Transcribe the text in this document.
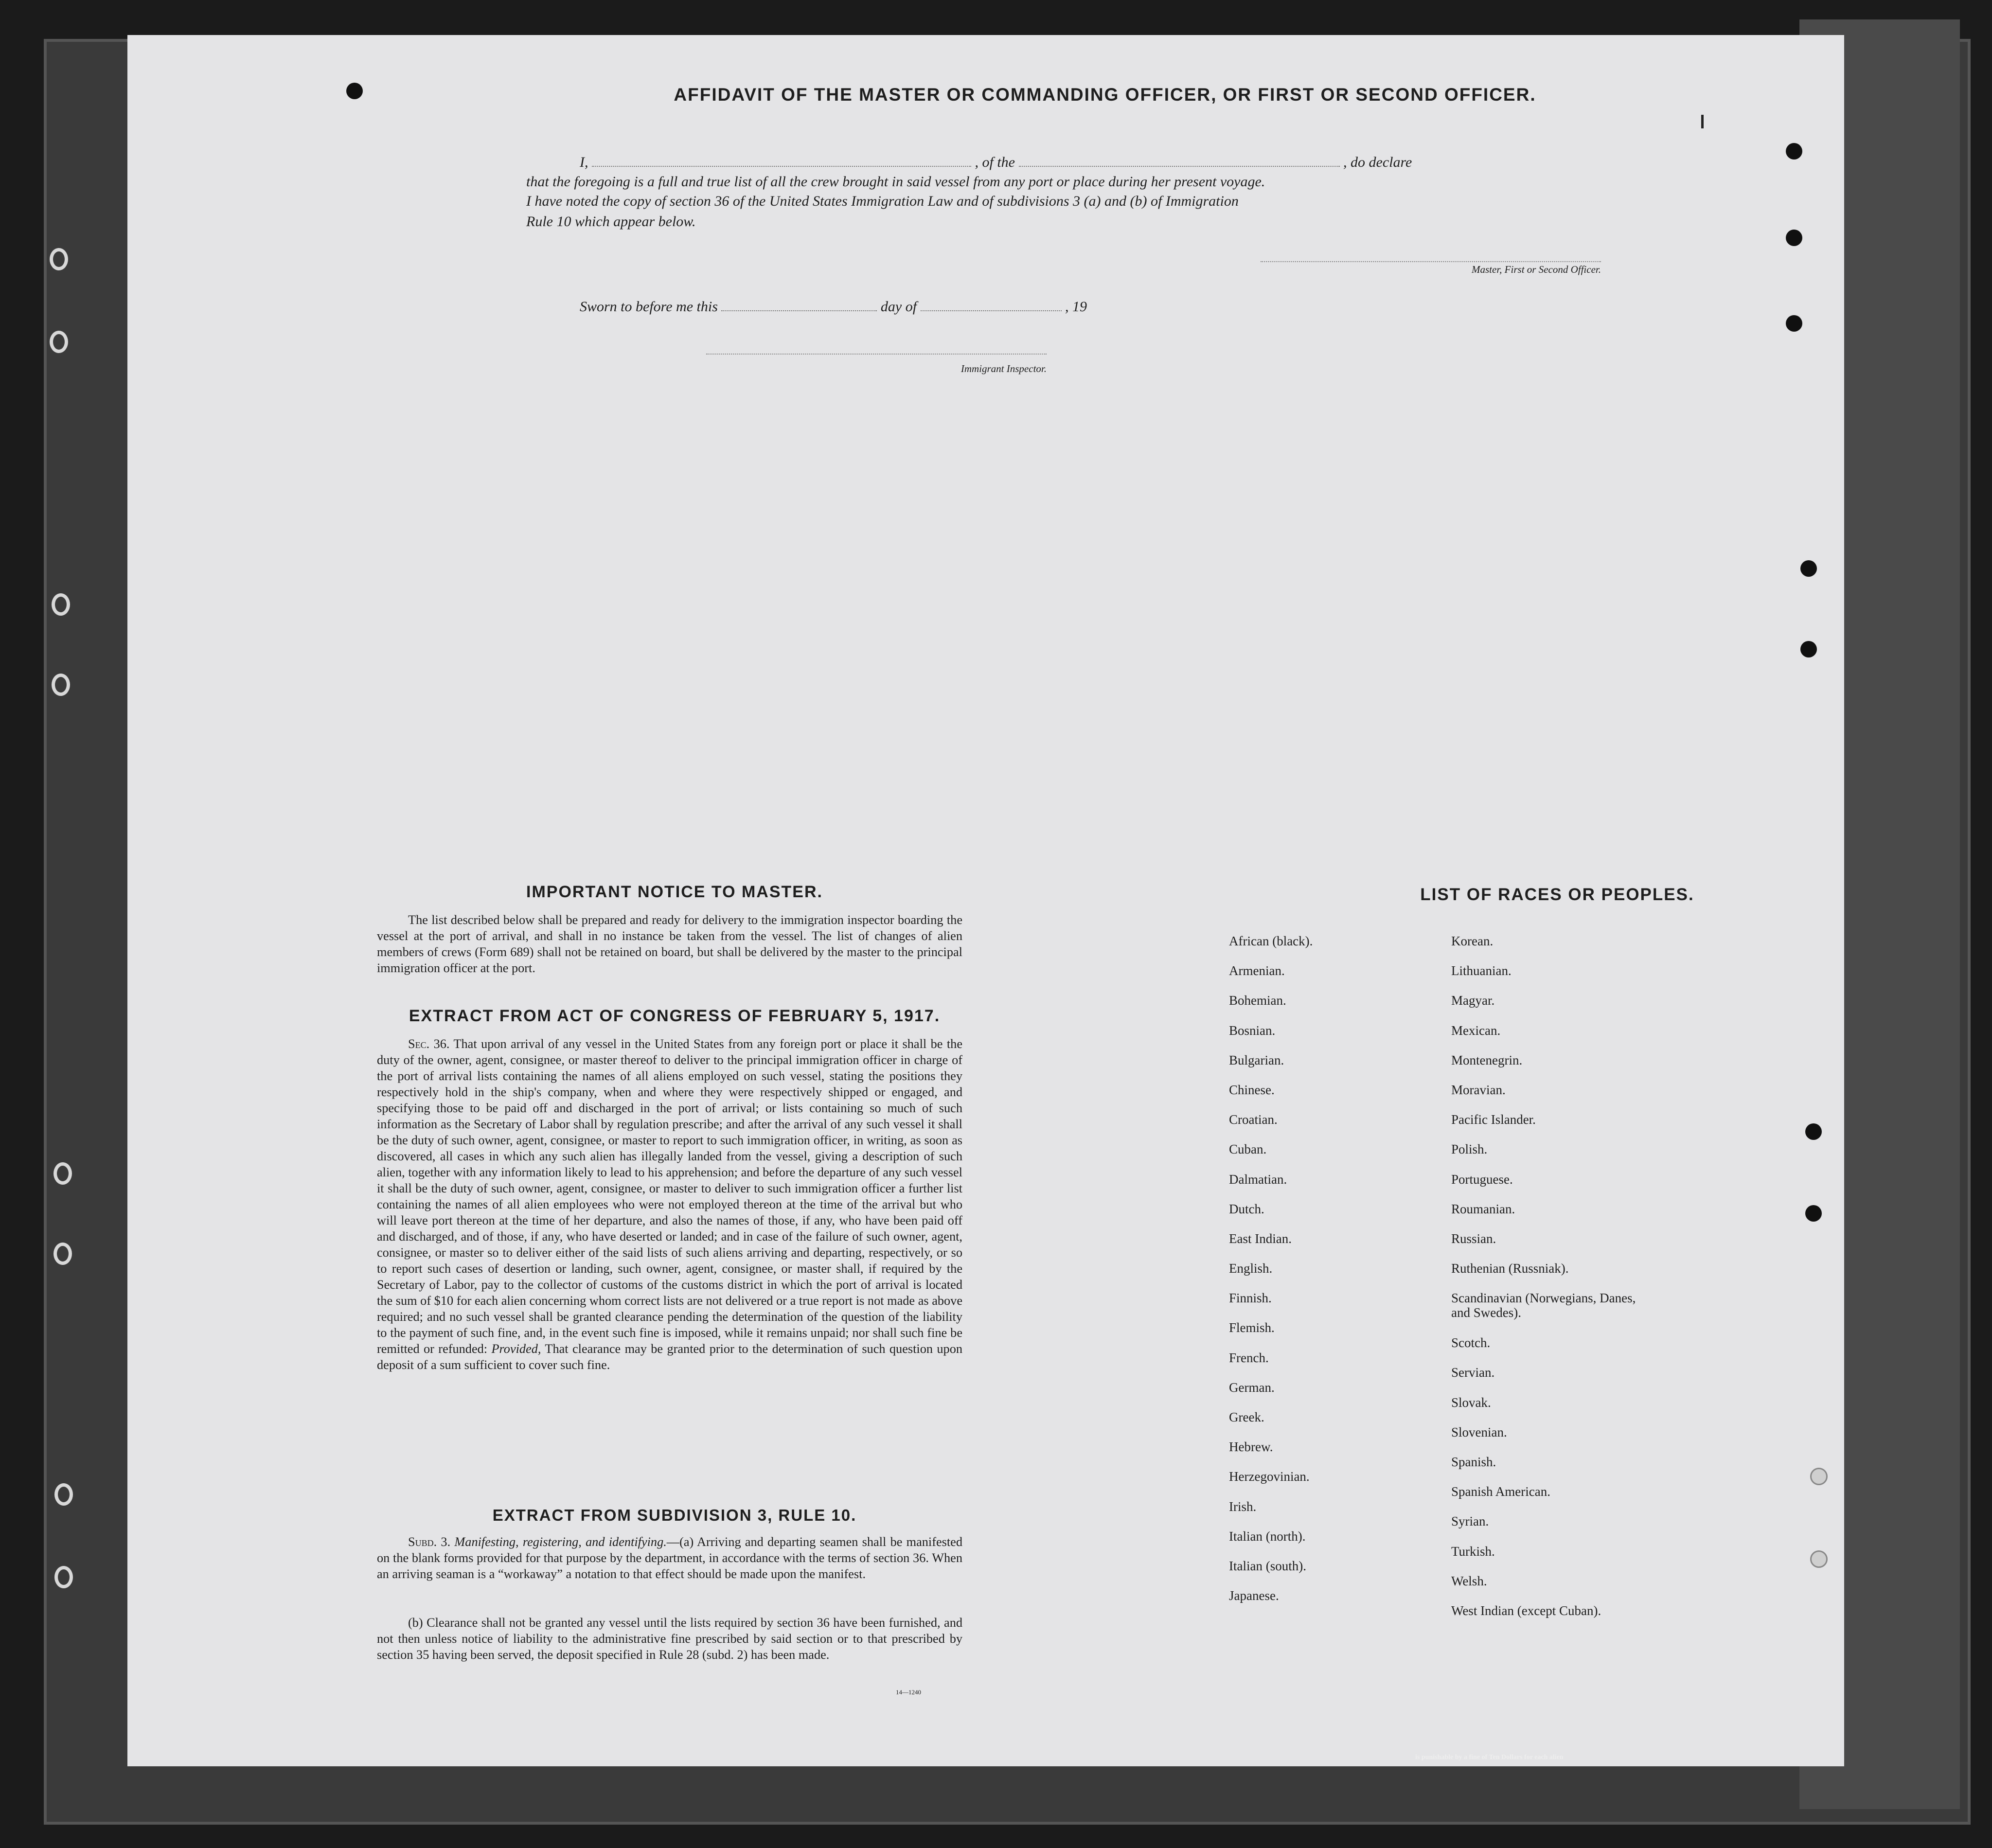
AFFIDAVIT OF THE MASTER OR COMMANDING OFFICER, OR FIRST OR SECOND OFFICER.
I,	, of the	, do declare
that the foregoing is a full and true list of all the crew brought in said vessel from any port or place during her present voyage.
I have noted the copy of section 36 of the United States Immigration Law and of subdivisions 3 (a) and (b) of Immigration
Rule 10 which appear below.
Master, First or Second Officer.
Sworn to before me this	day of	, 19
Immigrant Inspector.
IMPORTANT NOTICE TO MASTER.

The list described below shall be prepared and ready for delivery to the immigration inspector boarding the vessel at the port of arrival, and shall in no instance be taken from the vessel. The list of changes of alien members of crews (Form 689) shall not be retained on board, but shall be delivered by the master to the principal immigration officer at the port.

EXTRACT FROM ACT OF CONGRESS OF FEBRUARY 5, 1917.

Sec. 36. That upon arrival of any vessel in the United States from any foreign port or place it shall be the duty of the owner, agent, consignee, or master thereof to deliver to the principal immigration officer in charge of the port of arrival lists containing the names of all aliens employed on such vessel, stating the positions they respectively hold in the ship's company, when and where they were respectively shipped or engaged, and specifying those to be paid off and discharged in the port of arrival; or lists containing so much of such information as the Secretary of Labor shall by regulation prescribe; and after the arrival of any such vessel it shall be the duty of such owner, agent, consignee, or master to report to such immigration officer, in writing, as soon as discovered, all cases in which any such alien has illegally landed from the vessel, giving a description of such alien, together with any information likely to lead to his apprehension; and before the departure of any such vessel it shall be the duty of such owner, agent, consignee, or master to deliver to such immigration officer a further list containing the names of all alien employees who were not employed thereon at the time of the arrival but who will leave port thereon at the time of her departure, and also the names of those, if any, who have been paid off and discharged, and of those, if any, who have deserted or landed; and in case of the failure of such owner, agent, consignee, or master so to deliver either of the said lists of such aliens arriving and departing, respectively, or so to report such cases of desertion or landing, such owner, agent, consignee, or master shall, if required by the Secretary of Labor, pay to the collector of customs of the customs district in which the port of arrival is located the sum of $10 for each alien concerning whom correct lists are not delivered or a true report is not made as above required; and no such vessel shall be granted clearance pending the determination of the question of the liability to the payment of such fine, and, in the event such fine is imposed, while it remains unpaid; nor shall such fine be remitted or refunded: Provided, That clearance may be granted prior to the determination of such question upon deposit of a sum sufficient to cover such fine.

EXTRACT FROM SUBDIVISION 3, RULE 10.

Subd. 3. Manifesting, registering, and identifying.—(a) Arriving and departing seamen shall be manifested on the blank forms provided for that purpose by the department, in accordance with the terms of section 36. When an arriving seaman is a “workaway” a notation to that effect should be made upon the manifest.

(b) Clearance shall not be granted any vessel until the lists required by section 36 have been furnished, and not then unless notice of liability to the administrative fine prescribed by said section or to that prescribed by section 35 having been served, the deposit specified in Rule 28 (subd. 2) has been made.

14—1240
LIST OF RACES OR PEOPLES.
African (black).
Armenian.
Bohemian.
Bosnian.
Bulgarian.
Chinese.
Croatian.
Cuban.
Dalmatian.
Dutch.
East Indian.
English.
Finnish.
Flemish.
French.
German.
Greek.
Hebrew.
Herzegovinian.
Irish.
Italian (north).
Italian (south).
Japanese.
Korean.
Lithuanian.
Magyar.
Mexican.
Montenegrin.
Moravian.
Pacific Islander.
Polish.
Portuguese.
Roumanian.
Russian.
Ruthenian (Russniak).
Scandinavian (Norwegians, Danes, and Swedes).
Scotch.
Servian.
Slovak.
Slovenian.
Spanish.
Spanish American.
Syrian.
Turkish.
Welsh.
West Indian (except Cuban).
is punishable by a fine of Ten Dollars for each alien
